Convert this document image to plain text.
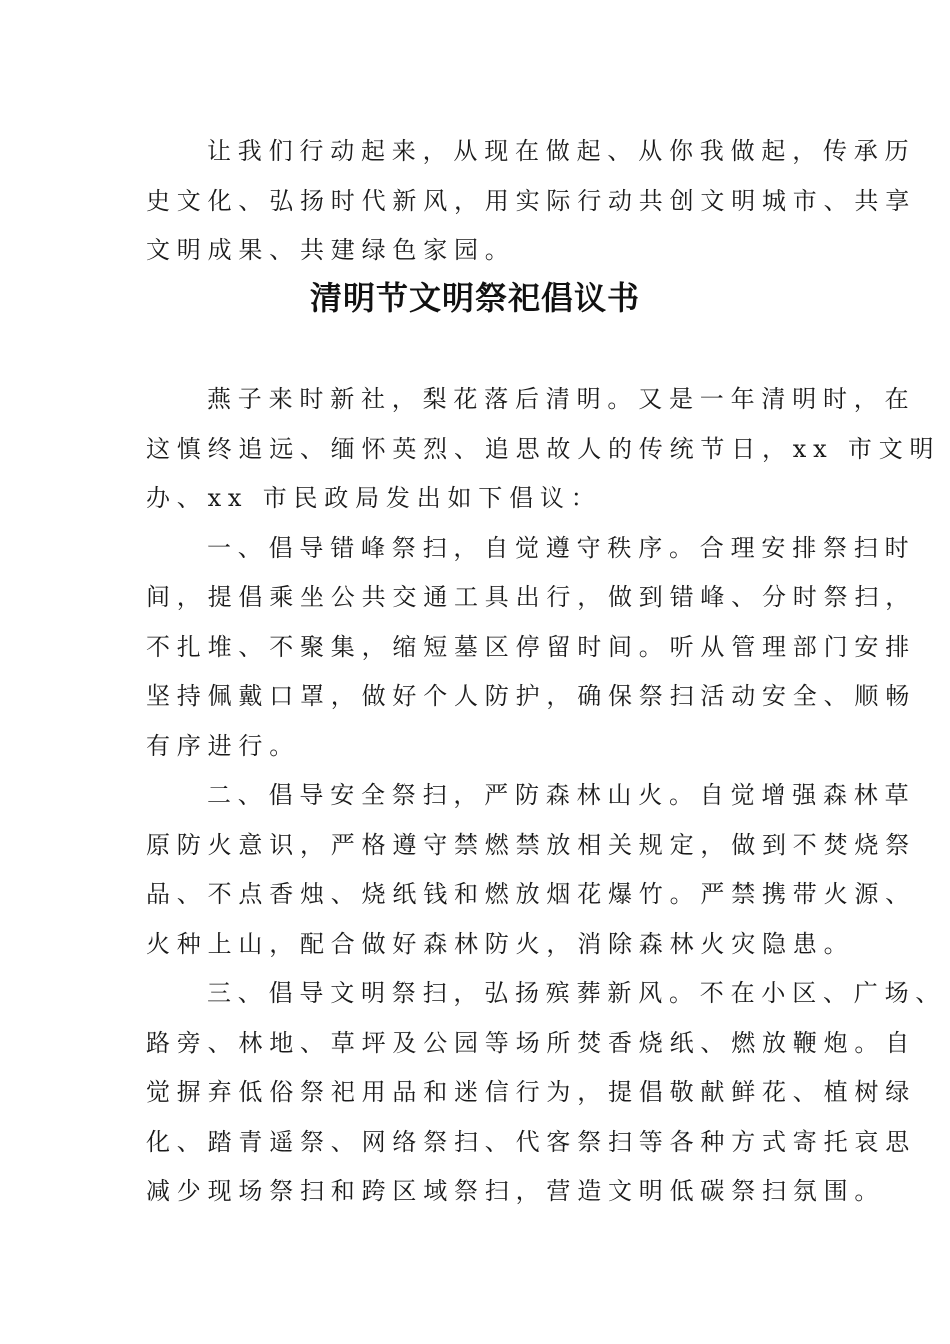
让我们行动起来，从现在做起、从你我做起，传承历
史文化、弘扬时代新风，用实际行动共创文明城市、共享
文明成果、共建绿色家园。
清明节文明祭祀倡议书
燕子来时新社，梨花落后清明。又是一年清明时，在
这慎终追远、缅怀英烈、追思故人的传统节日，xx 市文明
办、xx 市民政局发出如下倡议：
一、倡导错峰祭扫，自觉遵守秩序。合理安排祭扫时
间，提倡乘坐公共交通工具出行，做到错峰、分时祭扫，
不扎堆、不聚集，缩短墓区停留时间。听从管理部门安排
坚持佩戴口罩，做好个人防护，确保祭扫活动安全、顺畅
有序进行。
二、倡导安全祭扫，严防森林山火。自觉增强森林草
原防火意识，严格遵守禁燃禁放相关规定，做到不焚烧祭
品、不点香烛、烧纸钱和燃放烟花爆竹。严禁携带火源、
火种上山，配合做好森林防火，消除森林火灾隐患。
三、倡导文明祭扫，弘扬殡葬新风。不在小区、广场、
路旁、林地、草坪及公园等场所焚香烧纸、燃放鞭炮。自
觉摒弃低俗祭祀用品和迷信行为，提倡敬献鲜花、植树绿
化、踏青遥祭、网络祭扫、代客祭扫等各种方式寄托哀思
减少现场祭扫和跨区域祭扫，营造文明低碳祭扫氛围。
